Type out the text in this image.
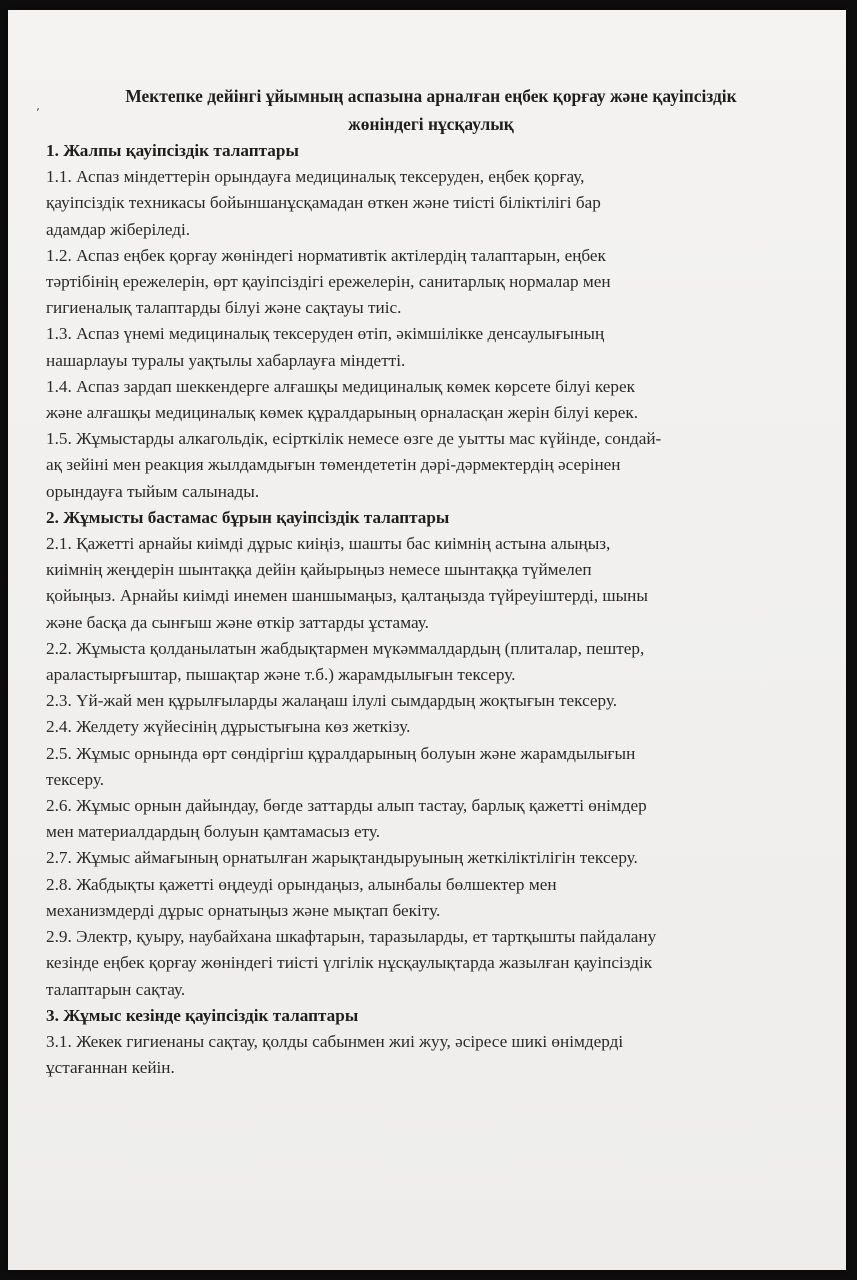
ʼ
Мектепке дейінгі ұйымның аспазына арналған еңбек қорғау және қауіпсіздік
жөніндегі нұсқаулық
1. Жалпы қауіпсіздік талаптары
1.1. Аспаз міндеттерін орындауға медициналық тексеруден, еңбек қорғау,
қауіпсіздік техникасы бойыншанұсқамадан өткен және тиісті біліктілігі бар
адамдар жіберіледі.
1.2. Аспаз еңбек қорғау жөніндегі нормативтік актілердің талаптарын, еңбек
тәртібінің ережелерін, өрт қауіпсіздігі ережелерін, санитарлық нормалар мен
гигиеналық талаптарды білуі және сақтауы тиіс.
1.3. Аспаз үнемі медициналық тексеруден өтіп, әкімшілікке денсаулығының
нашарлауы туралы уақтылы хабарлауға міндетті.
1.4. Аспаз зардап шеккендерге алғашқы медициналық көмек көрсете білуі керек
және алғашқы медициналық көмек құралдарының орналасқан жерін білуі керек.
1.5. Жұмыстарды алкагольдік, есірткілік немесе өзге де уытты мас күйінде, сондай-
ақ зейіні мен реакция жылдамдығын төмендететін дәрі-дәрмектердің әсерінен
орындауға тыйым салынады.
2. Жұмысты бастамас бұрын қауіпсіздік талаптары
2.1. Қажетті арнайы киімді дұрыс киіңіз, шашты бас киімнің астына алыңыз,
киімнің жеңдерін шынтаққа дейін қайырыңыз немесе шынтаққа түймелеп
қойыңыз. Арнайы киімді инемен шаншымаңыз, қалтаңызда түйреуіштерді, шыны
және басқа да сынғыш және өткір заттарды ұстамау.
2.2. Жұмыста қолданылатын жабдықтармен мүкәммалдардың (плиталар, пештер,
араластырғыштар, пышақтар және т.б.) жарамдылығын тексеру.
2.3. Үй-жай мен құрылғыларды жалаңаш ілулі сымдардың жоқтығын тексеру.
2.4. Желдету жүйесінің дұрыстығына көз жеткізу.
2.5. Жұмыс орнында өрт сөндіргіш құралдарының болуын және жарамдылығын
тексеру.
2.6. Жұмыс орнын дайындау, бөгде заттарды алып тастау, барлық қажетті өнімдер
мен материалдардың болуын қамтамасыз ету.
2.7. Жұмыс аймағының орнатылған жарықтандыруының жеткіліктілігін тексеру.
2.8. Жабдықты қажетті өңдеуді орындаңыз, алынбалы бөлшектер мен
механизмдерді дұрыс орнатыңыз және мықтап бекіту.
2.9. Электр, қуыру, наубайхана шкафтарын, таразыларды, ет тартқышты пайдалану
кезінде еңбек қорғау жөніндегі тиісті үлгілік нұсқаулықтарда жазылған қауіпсіздік
талаптарын сақтау.
3. Жұмыс кезінде қауіпсіздік талаптары
3.1. Жекек гигиенаны сақтау, қолды сабынмен жиі жуу, әсіресе шикі өнімдерді
ұстағаннан кейін.
